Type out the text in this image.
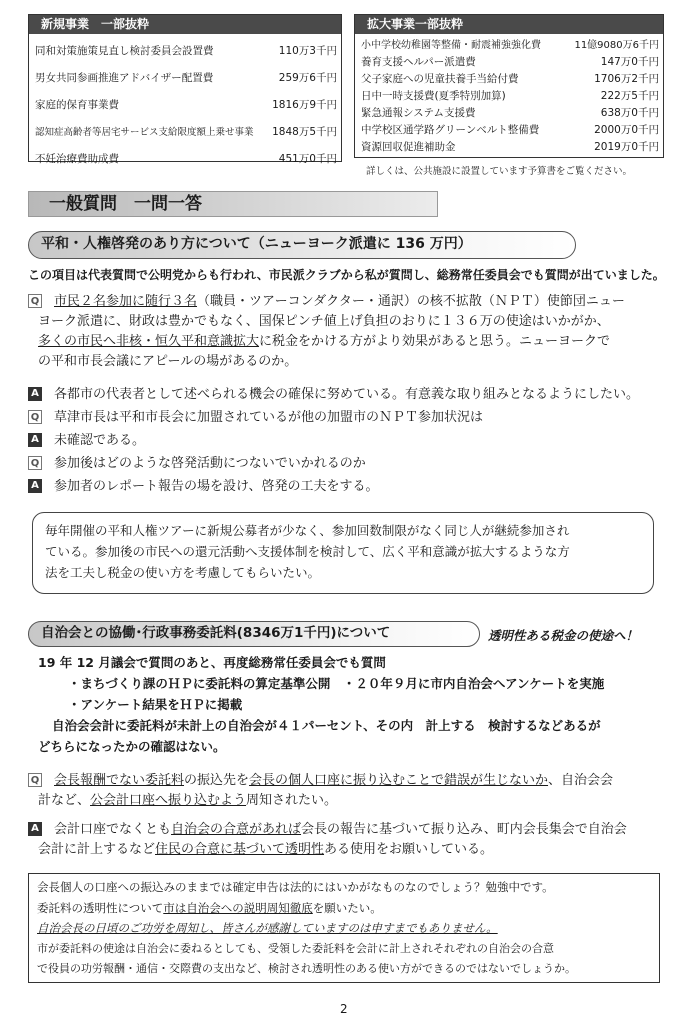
新規事業　一部抜粋
同和対策施策見直し検討委員会設置費	110万3千円
男女共同参画推進アドバイザー配置費	259万6千円
家庭的保育事業費	1816万9千円
認知症高齢者等居宅サービス支給限度額上乗せ事業 1848万5千円
不妊治療費助成費	451万0千円
拡大事業一部抜粋
小中学校幼稚園等整備・耐震補強強化費	11億9080万6千円
養育支援ヘルパー派遣費	147万0千円
父子家庭への児童扶養手当給付費	1706万2千円
日中一時支援費(夏季特別加算)	222万5千円
緊急通報システム支援費	638万0千円
中学校区通学路グリーンベルト整備費	2000万0千円
資源回収促進補助金	2019万0千円
詳しくは、公共施設に設置しています予算書をご覧ください。
一般質問　一問一答
平和・人権啓発のあり方について（ニューヨーク派遣に 136 万円）
この項目は代表質問で公明党からも行われ、市民派クラブから私が質問し、総務常任委員会でも質問が出ていました。
Q 市民２名参加に随行３名（職員・ツアーコンダクター・通訳）の核不拡散（ＮＰＴ）使節団ニュー
ヨーク派遣に、財政は豊かでもなく、国保ピンチ値上げ負担のおりに１３６万の使途はいかがか、
多くの市民へ非核・恒久平和意識拡大に税金をかける方がより効果があると思う。ニューヨークで
の平和市長会議にアピールの場があるのか。
A 各都市の代表者として述べられる機会の確保に努めている。有意義な取り組みとなるようにしたい。
Q 草津市長は平和市長会に加盟されているが他の加盟市のＮＰＴ参加状況は
A 未確認である。
Q 参加後はどのような啓発活動につないでいかれるのか
A 参加者のレポート報告の場を設け、啓発の工夫をする。
毎年開催の平和人権ツアーに新規公募者が少なく、参加回数制限がなく同じ人が継続参加され
ている。参加後の市民への還元活動へ支援体制を検討して、広く平和意識が拡大するような方
法を工夫し税金の使い方を考慮してもらいたい。
自治会との協働･行政事務委託料(8346万1千円)について	透明性ある税金の使途へ！
19 年 12 月議会で質問のあと、再度総務常任委員会でも質問
・まちづくり課のＨＰに委託料の算定基準公開　・２０年９月に市内自治会へアンケートを実施
・アンケート結果をＨＰに掲載
自治会会計に委託料が未計上の自治会が４１パーセント、その内　計上する　検討するなどあるが
どちらになったかの確認はない。
Q 会長報酬でない委託料の振込先を会長の個人口座に振り込むことで錯誤が生じないか、自治会会
計など、公会計口座へ振り込むよう周知されたい。
A 会計口座でなくとも自治会の合意があれば会長の報告に基づいて振り込み、町内会長集会で自治会
会計に計上するなど住民の合意に基づいて透明性ある使用をお願いしている。
会長個人の口座への振込みのままでは確定申告は法的にはいかがなものなのでしょう？勉強中です。
委託料の透明性について市は自治会への説明周知徹底を願いたい。
自治会長の日頃のご功労を周知し、皆さんが感謝していますのは申すまでもありません。
市が委託料の使途は自治会に委ねるとしても、受領した委託料を会計に計上されそれぞれの自治会の合意
で役員の功労報酬・通信・交際費の支出など、検討され透明性のある使い方ができるのではないでしょうか。
2
